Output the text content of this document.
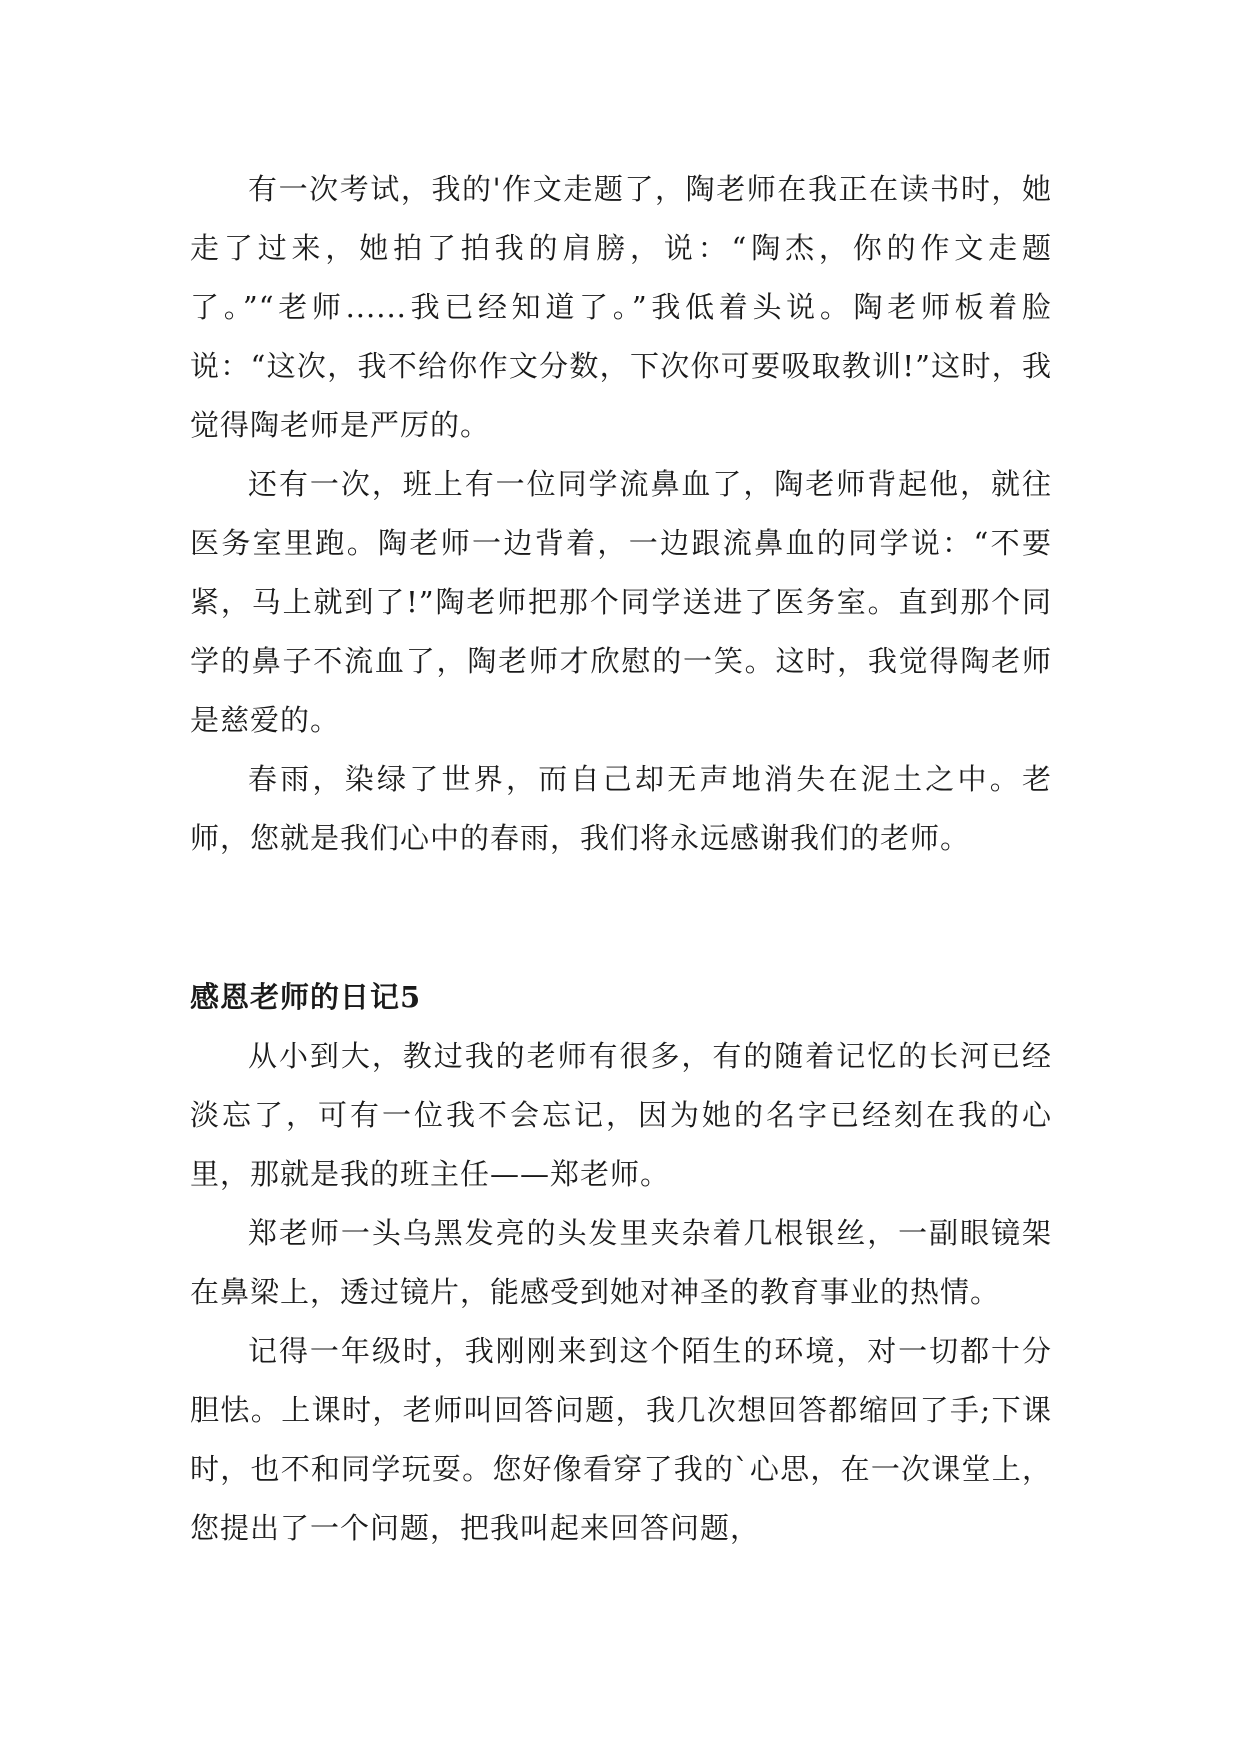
有一次考试，我的'作文走题了，陶老师在我正在读书时，她走了过来，她拍了拍我的肩膀，说：“陶杰，你的作文走题了。”“老师......我已经知道了。”我低着头说。陶老师板着脸说：“这次，我不给你作文分数，下次你可要吸取教训!”这时，我觉得陶老师是严厉的。

还有一次，班上有一位同学流鼻血了，陶老师背起他，就往医务室里跑。陶老师一边背着，一边跟流鼻血的同学说：“不要紧，马上就到了!”陶老师把那个同学送进了医务室。直到那个同学的鼻子不流血了，陶老师才欣慰的一笑。这时，我觉得陶老师是慈爱的。

春雨，染绿了世界，而自己却无声地消失在泥土之中。老师，您就是我们心中的春雨，我们将永远感谢我们的老师。

感恩老师的日记5

从小到大，教过我的老师有很多，有的随着记忆的长河已经淡忘了，可有一位我不会忘记，因为她的名字已经刻在我的心里，那就是我的班主任——郑老师。

郑老师一头乌黑发亮的头发里夹杂着几根银丝，一副眼镜架在鼻梁上，透过镜片，能感受到她对神圣的教育事业的热情。

记得一年级时，我刚刚来到这个陌生的环境，对一切都十分胆怯。上课时，老师叫回答问题，我几次想回答都缩回了手;下课时，也不和同学玩耍。您好像看穿了我的`心思，在一次课堂上，您提出了一个问题，把我叫起来回答问题，
